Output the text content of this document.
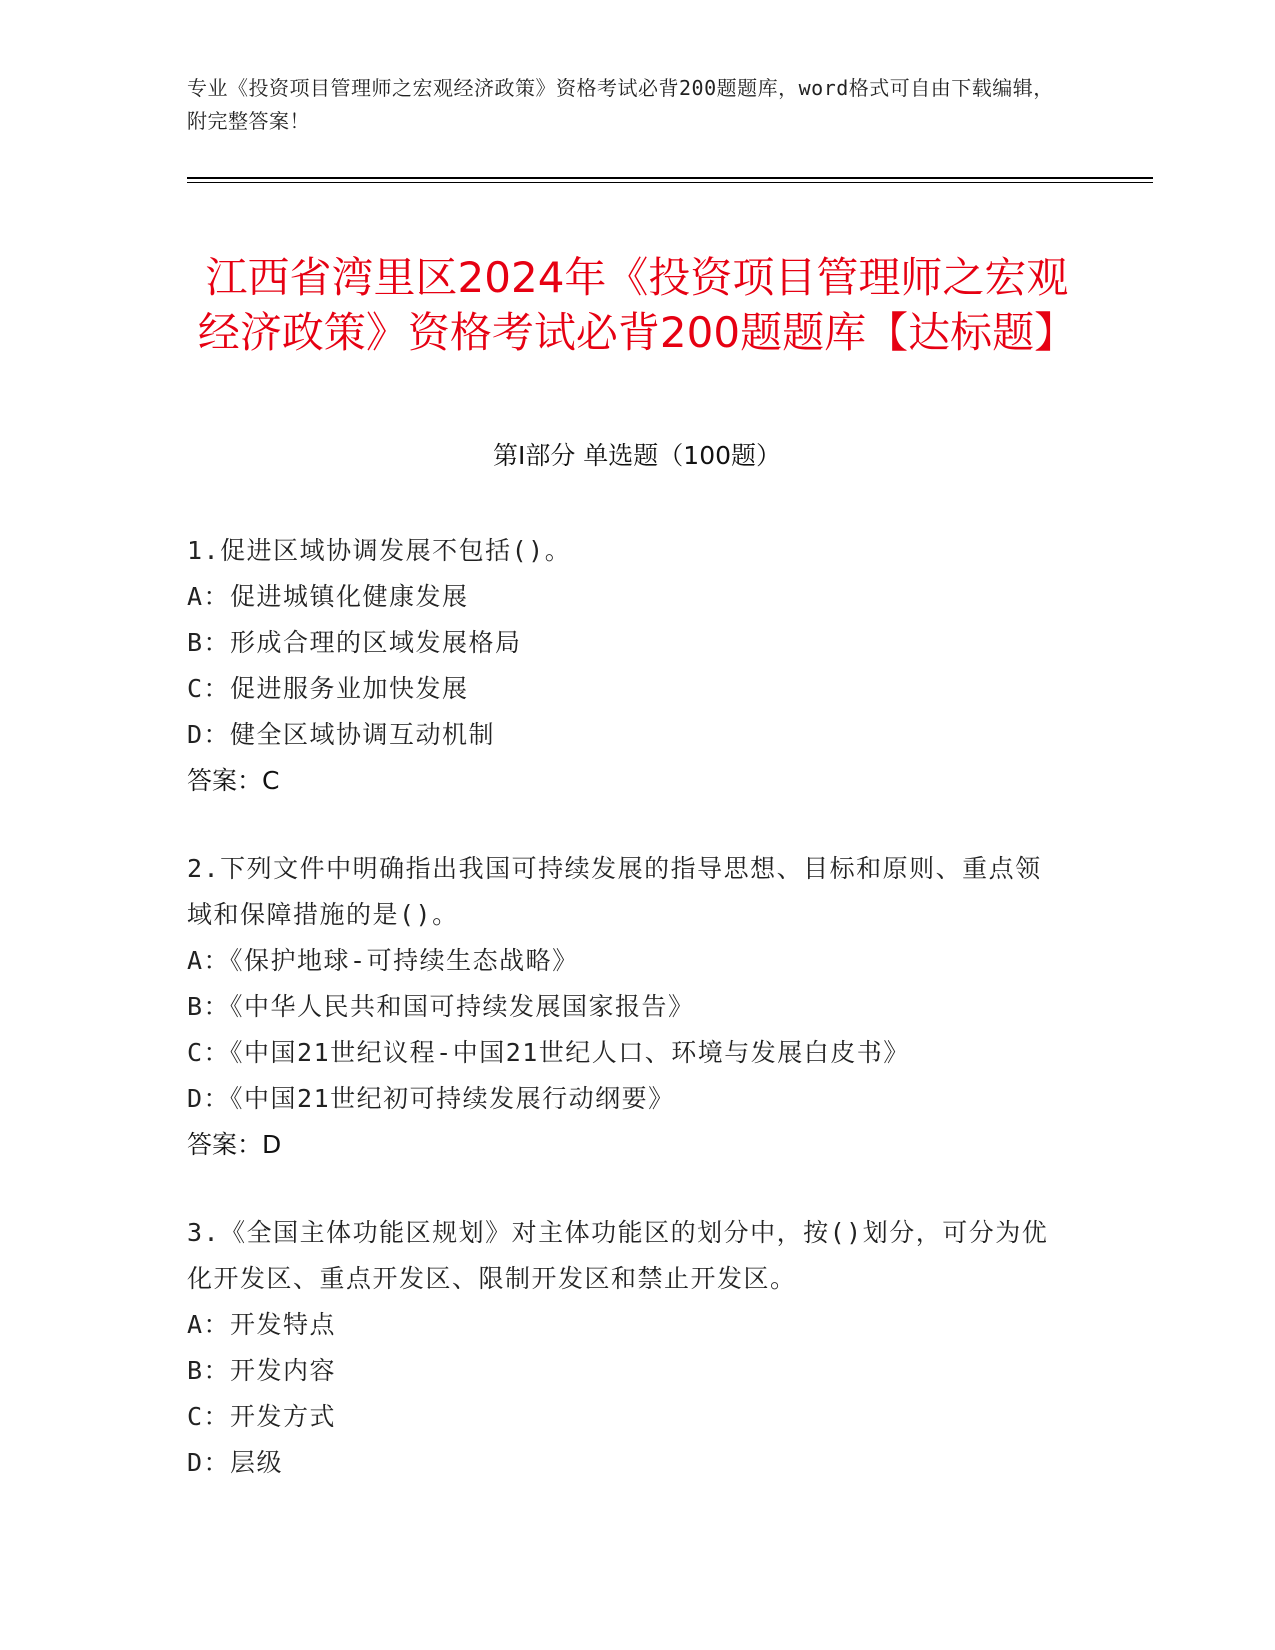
专业《投资项目管理师之宏观经济政策》资格考试必背200题题库，word格式可自由下载编辑，附完整答案！
江西省湾里区2024年《投资项目管理师之宏观经济政策》资格考试必背200题题库【达标题】
第I部分 单选题（100题）

1.促进区域协调发展不包括()。

A：促进城镇化健康发展

B：形成合理的区域发展格局

C：促进服务业加快发展

D：健全区域协调互动机制

答案：C

2.下列文件中明确指出我国可持续发展的指导思想、目标和原则、重点领域和保障措施的是()。

A：《保护地球-可持续生态战略》

B：《中华人民共和国可持续发展国家报告》

C：《中国21世纪议程-中国21世纪人口、环境与发展白皮书》

D：《中国21世纪初可持续发展行动纲要》

答案：D

3.《全国主体功能区规划》对主体功能区的划分中，按()划分，可分为优化开发区、重点开发区、限制开发区和禁止开发区。

A：开发特点

B：开发内容

C：开发方式

D：层级
